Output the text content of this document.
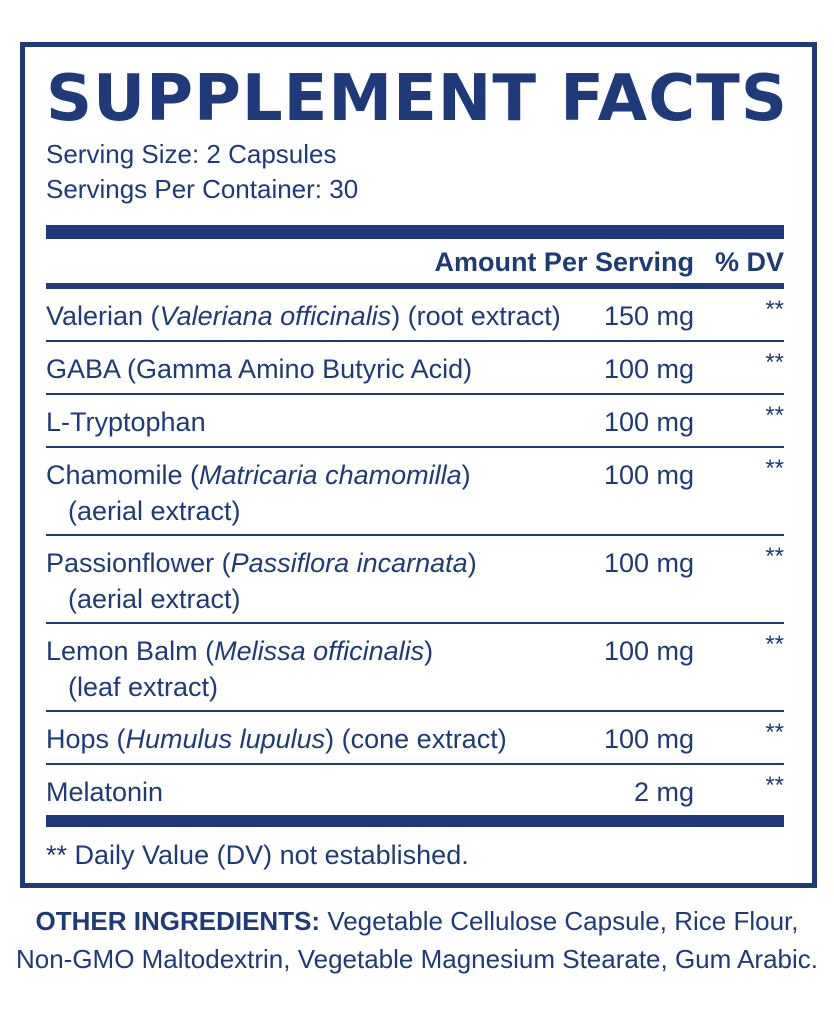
SUPPLEMENT FACTS
Serving Size: 2 Capsules
Servings Per Container: 30
Amount Per Serving % DV
Valerian (Valeriana officinalis) (root extract) 150 mg	**
GABA (Gamma Amino Butyric Acid)	100 mg	**
L-Tryptophan	100 mg	**
Chamomile (Matricaria chamomilla)
(aerial extract)
100 mg	**
Passionflower (Passiflora incarnata)
(aerial extract)
100 mg	**
Lemon Balm (Melissa officinalis)
(leaf extract)
100 mg	**
Hops (Humulus lupulus) (cone extract)	100 mg	**
Melatonin	2 mg	**
** Daily Value (DV) not established.
OTHER INGREDIENTS: Vegetable Cellulose Capsule, Rice Flour,
Non-GMO Maltodextrin, Vegetable Magnesium Stearate, Gum Arabic.
